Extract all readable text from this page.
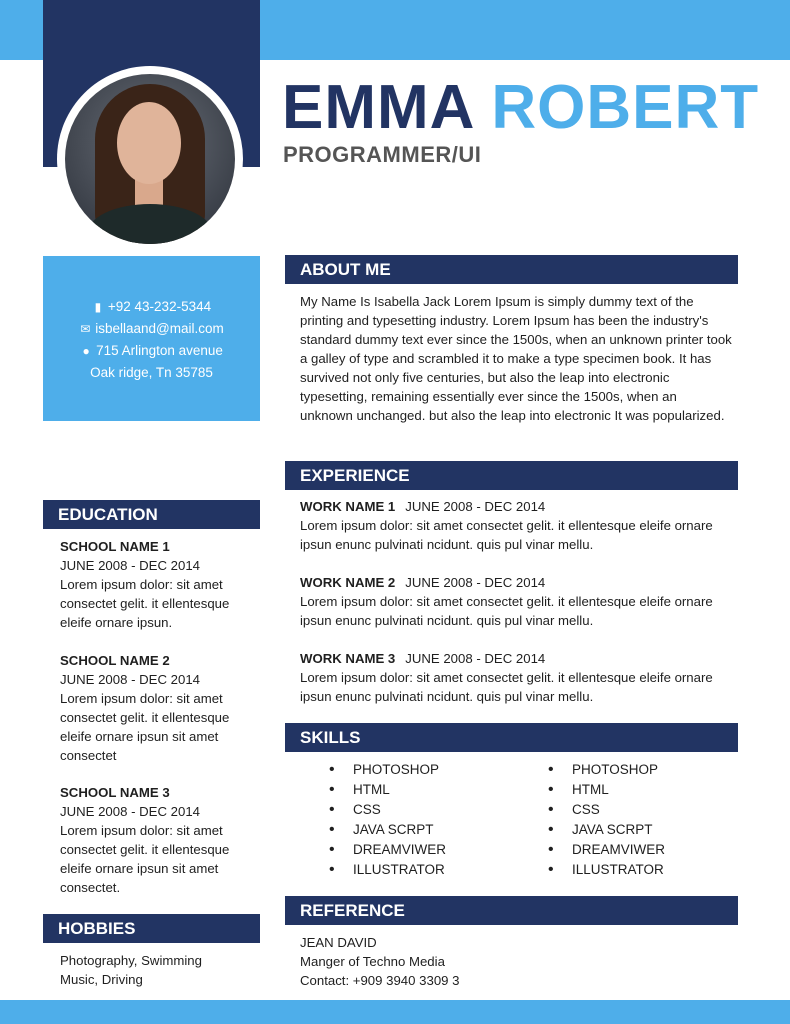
EMMA ROBERT
PROGRAMMER/UI
▮ +92 43-232-5344
✉ isbellaand@mail.com
● 715 Arlington avenue
Oak ridge, Tn 35785
ABOUT ME

My Name Is Isabella Jack Lorem Ipsum is simply dummy text of the printing and typesetting industry. Lorem Ipsum has been the industry's standard dummy text ever since the 1500s, when an unknown printer took a galley of type and scrambled it to make a type specimen book. It has survived not only five centuries, but also the leap into electronic typesetting, remaining essentially ever since the 1500s, when an unknown unchanged. but also the leap into electronic It was popularized.

EXPERIENCE
WORK NAME 1 JUNE 2008 - DEC 2014
Lorem ipsum dolor: sit amet consectet gelit. it ellentesque eleife ornare ipsun enunc pulvinati ncidunt. quis pul vinar mellu.
WORK NAME 2 JUNE 2008 - DEC 2014
Lorem ipsum dolor: sit amet consectet gelit. it ellentesque eleife ornare ipsun enunc pulvinati ncidunt. quis pul vinar mellu.
WORK NAME 3 JUNE 2008 - DEC 2014
Lorem ipsum dolor: sit amet consectet gelit. it ellentesque eleife ornare ipsun enunc pulvinati ncidunt. quis pul vinar mellu.
SKILLS
• PHOTOSHOP
• HTML
• CSS
• JAVA SCRPT
• DREAMVIWER
• ILLUSTRATOR
• PHOTOSHOP
• HTML
• CSS
• JAVA SCRPT
• DREAMVIWER
• ILLUSTRATOR
REFERENCE
JEAN DAVID
Manger of Techno Media
Contact: +909 3940 3309 3
EDUCATION
SCHOOL NAME 1
JUNE 2008 - DEC 2014
Lorem ipsum dolor: sit amet consectet gelit. it ellentesque eleife ornare ipsun.
SCHOOL NAME 2
JUNE 2008 - DEC 2014
Lorem ipsum dolor: sit amet consectet gelit. it ellentesque eleife ornare ipsun sit amet consectet
SCHOOL NAME 3
JUNE 2008 - DEC 2014
Lorem ipsum dolor: sit amet consectet gelit. it ellentesque eleife ornare ipsun sit amet consectet.
HOBBIES
Photography, Swimming
Music, Driving
